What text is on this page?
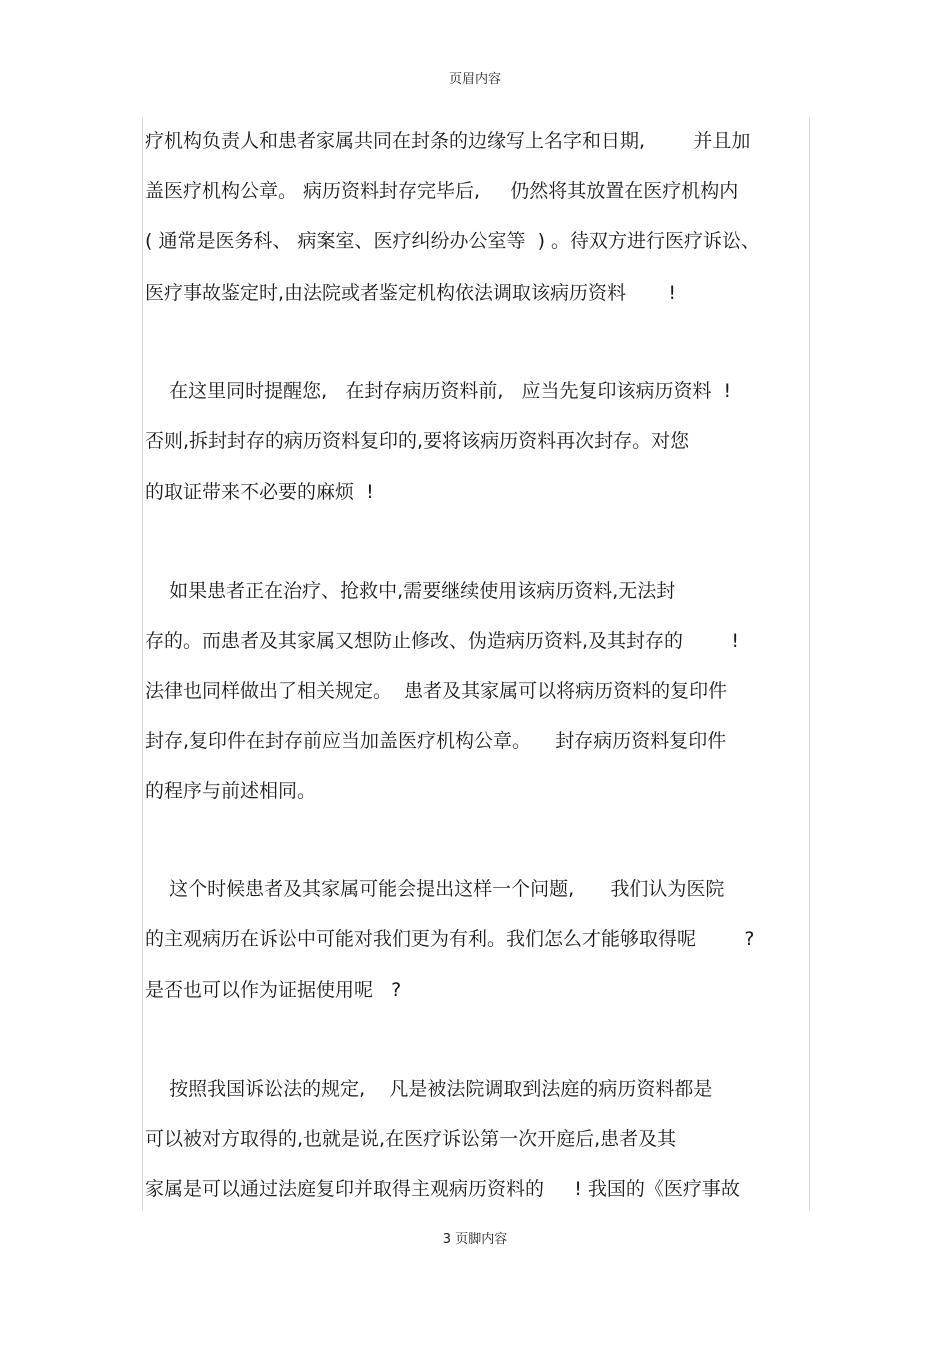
页眉内容
疗机构负责人和患者家属共同在封条的边缘写上名字和日期,        并且加
盖医疗机构公章。 病历资料封存完毕后,     仍然将其放置在医疗机构内
( 通常是医务科、 病案室、医疗纠纷办公室等  ) 。待双方进行医疗诉讼、
医疗事故鉴定时,由法院或者鉴定机构依法调取该病历资料       !
在这里同时提醒您,   在封存病历资料前,   应当先复印该病历资料  !
否则,拆封封存的病历资料复印的,要将该病历资料再次封存。对您
的取证带来不必要的麻烦  !
如果患者正在治疗、抢救中,需要继续使用该病历资料,无法封
存的。而患者及其家属又想防止修改、伪造病历资料,及其封存的        !
法律也同样做出了相关规定。  患者及其家属可以将病历资料的复印件
封存,复印件在封存前应当加盖医疗机构公章。    封存病历资料复印件
的程序与前述相同。
这个时候患者及其家属可能会提出这样一个问题,      我们认为医院
的主观病历在诉讼中可能对我们更为有利。我们怎么才能够取得呢        ?
是否也可以作为证据使用呢   ?
按照我国诉讼法的规定,    凡是被法院调取到法庭的病历资料都是
可以被对方取得的,也就是说,在医疗诉讼第一次开庭后,患者及其
家属是可以通过法庭复印并取得主观病历资料的     ! 我国的《医疗事故
3 页脚内容
